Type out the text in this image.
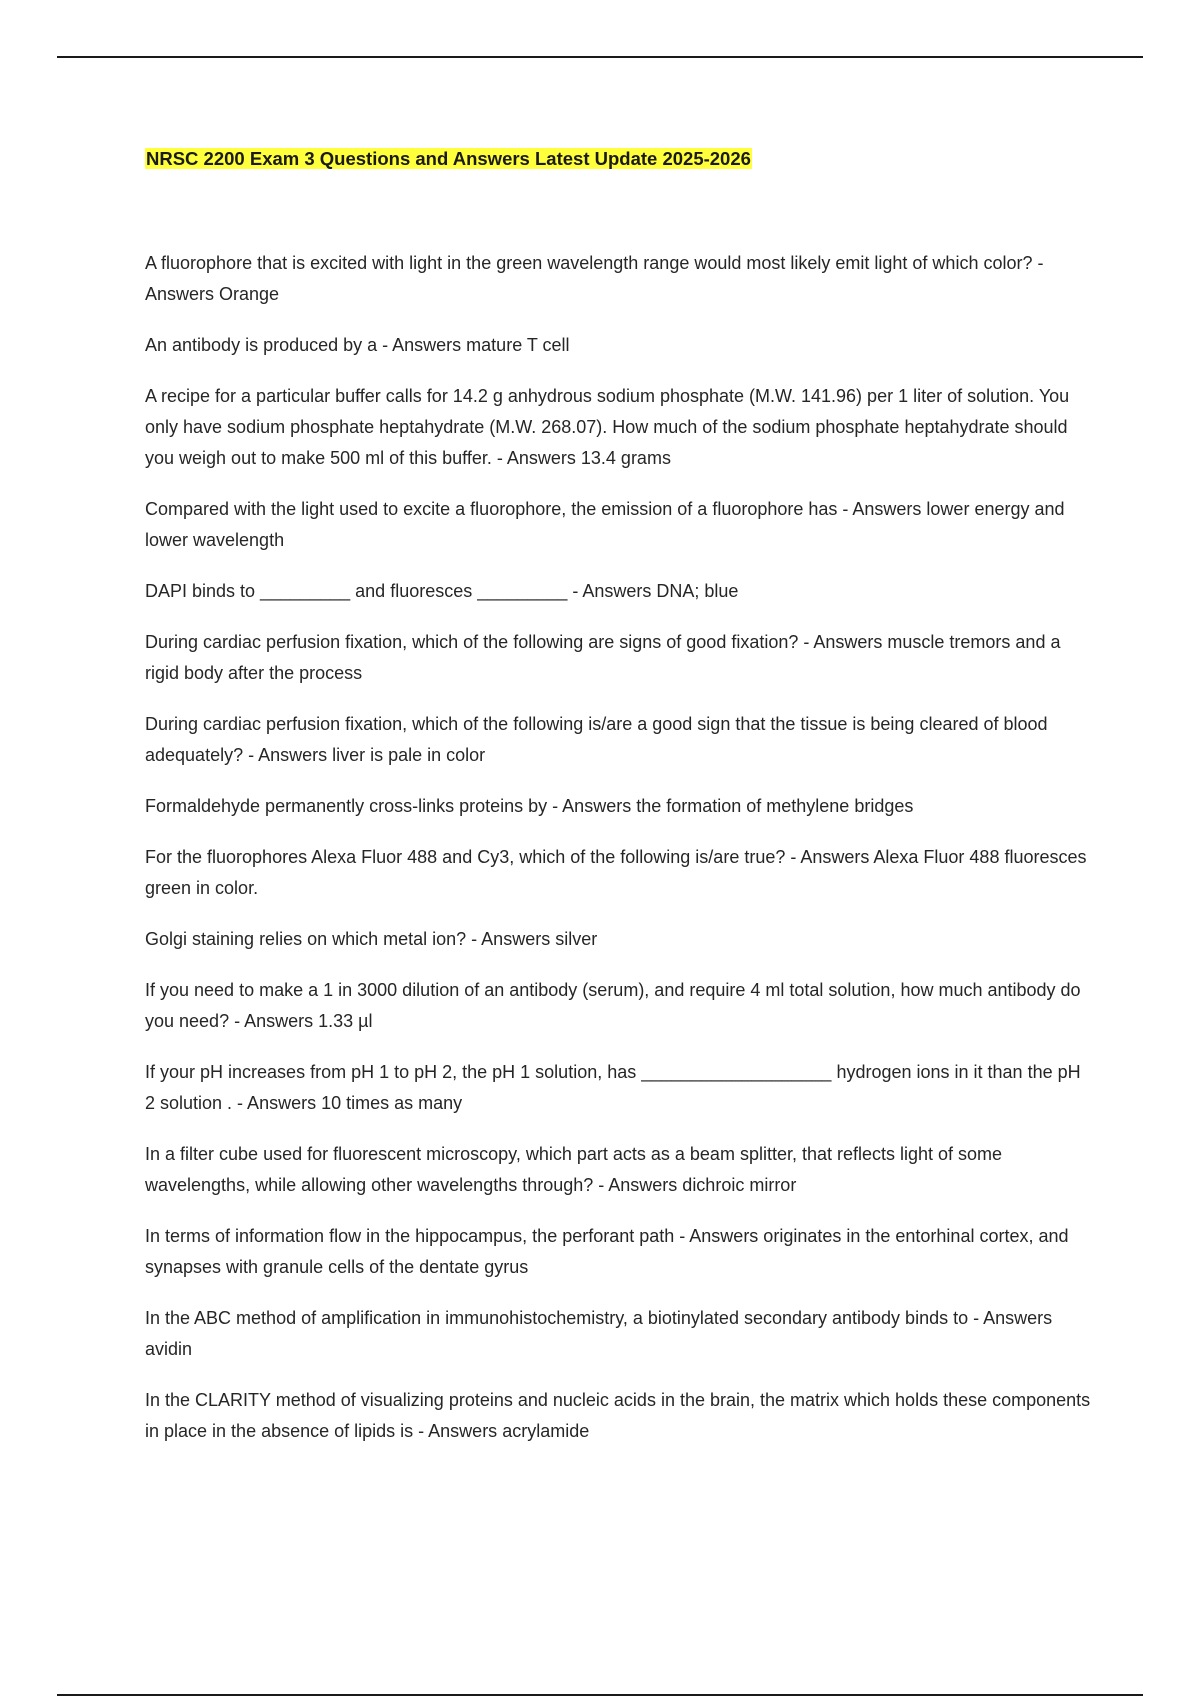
NRSC 2200 Exam 3 Questions and Answers Latest Update 2025-2026
A fluorophore that is excited with light in the green wavelength range would most likely emit light of which color? - Answers Orange
An antibody is produced by a - Answers mature T cell
A recipe for a particular buffer calls for 14.2 g anhydrous sodium phosphate (M.W. 141.96) per 1 liter of solution. You only have sodium phosphate heptahydrate (M.W. 268.07). How much of the sodium phosphate heptahydrate should you weigh out to make 500 ml of this buffer. - Answers 13.4 grams
Compared with the light used to excite a fluorophore, the emission of a fluorophore has - Answers lower energy and lower wavelength
DAPI binds to _________ and fluoresces _________ - Answers DNA; blue
During cardiac perfusion fixation, which of the following are signs of good fixation? - Answers muscle tremors and a rigid body after the process
During cardiac perfusion fixation, which of the following is/are a good sign that the tissue is being cleared of blood adequately? - Answers liver is pale in color
Formaldehyde permanently cross-links proteins by - Answers the formation of methylene bridges
For the fluorophores Alexa Fluor 488 and Cy3, which of the following is/are true? - Answers Alexa Fluor 488 fluoresces green in color.
Golgi staining relies on which metal ion? - Answers silver
If you need to make a 1 in 3000 dilution of an antibody (serum), and require 4 ml total solution, how much antibody do you need? - Answers 1.33 µl
If your pH increases from pH 1 to pH 2, the pH 1 solution, has ___________________ hydrogen ions in it than the pH 2 solution . - Answers 10 times as many
In a filter cube used for fluorescent microscopy, which part acts as a beam splitter, that reflects light of some wavelengths, while allowing other wavelengths through? - Answers dichroic mirror
In terms of information flow in the hippocampus, the perforant path - Answers originates in the entorhinal cortex, and synapses with granule cells of the dentate gyrus
In the ABC method of amplification in immunohistochemistry, a biotinylated secondary antibody binds to - Answers avidin
In the CLARITY method of visualizing proteins and nucleic acids in the brain, the matrix which holds these components in place in the absence of lipids is - Answers acrylamide
